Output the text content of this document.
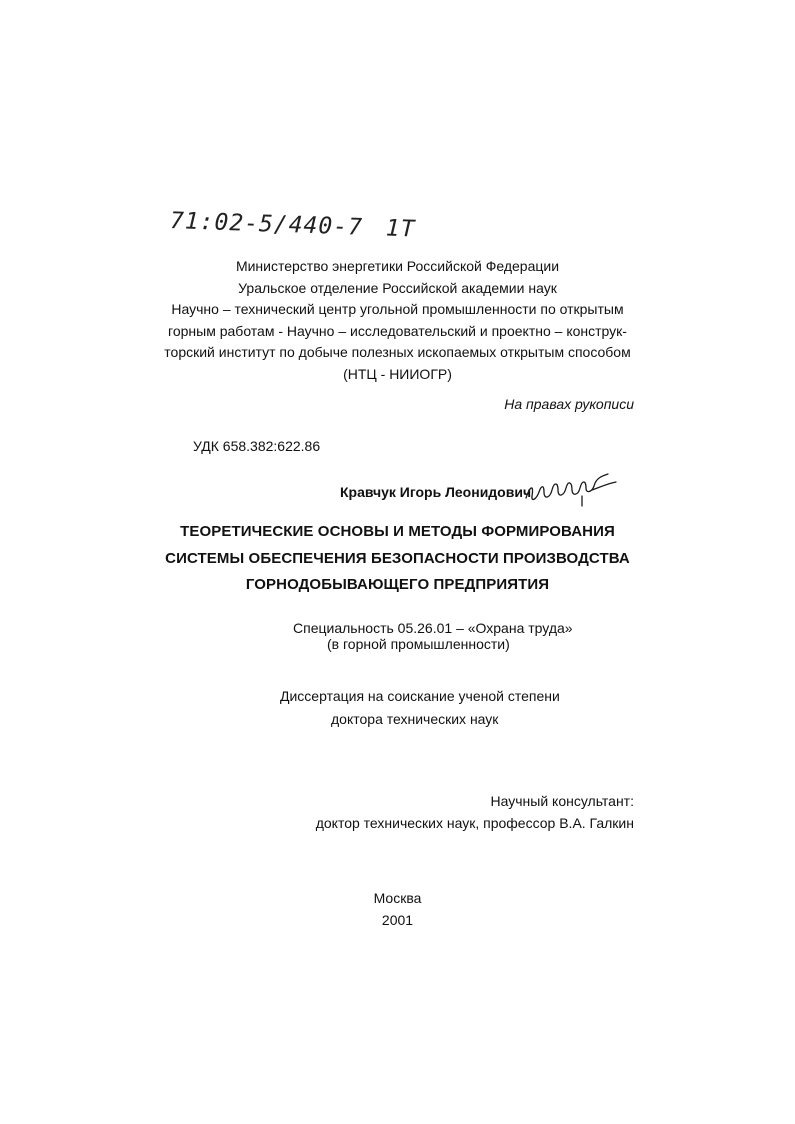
71:02-5/440-7 1T
Министерство энергетики Российской Федерации
Уральское отделение Российской академии наук
Научно – технический центр угольной промышленности по открытым
горным работам - Научно – исследовательский и проектно – конструк-
торский институт по добыче полезных ископаемых открытым способом
(НТЦ - НИИОГР)
На правах рукописи
УДК 658.382:622.86
Кравчук Игорь Леонидович
ТЕОРЕТИЧЕСКИЕ ОСНОВЫ И МЕТОДЫ ФОРМИРОВАНИЯ
СИСТЕМЫ ОБЕСПЕЧЕНИЯ БЕЗОПАСНОСТИ ПРОИЗВОДСТВА
ГОРНОДОБЫВАЮЩЕГО ПРЕДПРИЯТИЯ
Специальность 05.26.01 – «Охрана труда»
(в горной промышленности)
Диссертация на соискание ученой степени
доктора технических наук
Научный консультант:
доктор технических наук, профессор В.А. Галкин
Москва
2001
